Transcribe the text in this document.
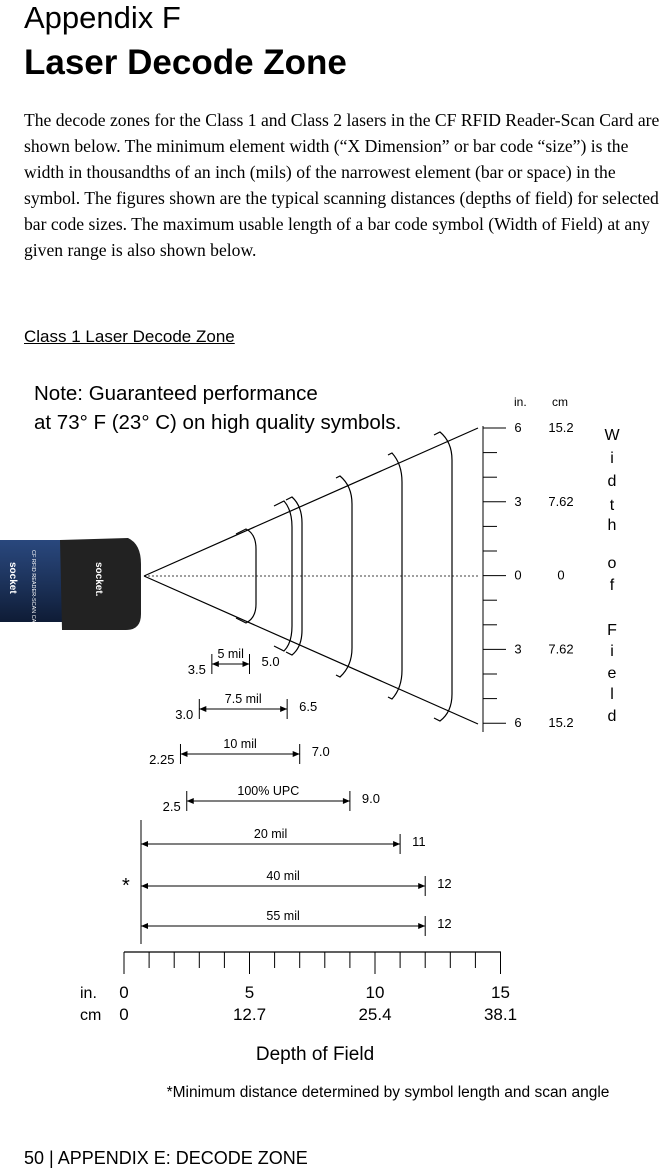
Appendix F
Laser Decode Zone

The decode zones for the Class 1 and Class 2 lasers in the CF RFID Reader-Scan Card are shown below. The minimum element width (“X Dimension” or bar code “size”) is the width in thousandths of an inch (mils) of the narrowest element (bar or space) in the symbol. The figures shown are the typical scanning distances (depths of field) for selected bar code sizes. The maximum usable length of a bar code symbol (Width of Field) at any given range is also shown below.

Class 1 Laser Decode Zone
Note: Guaranteed performance
at 73° F (23° C) on high quality symbols.
CF RFID READER-SCAN CARD
socket	socket.
in. cm
6 15.2
3 7.62
0	0
3 7.62
6 15.2
W
i
d
t
h
o
f
F
i
e
l
d
5 mil
3.5
5.0
7.5 mil
3.0
6.5
10 mil
2.25
7.0
100% UPC
2.5
9.0
20 mil	11
40 mil	12
55 mil	12
*
in.
cm
0
0
5
12.7
10
25.4
15
38.1
Depth of Field
*Minimum distance determined by symbol length and scan angle
50 | APPENDIX E: DECODE ZONE
